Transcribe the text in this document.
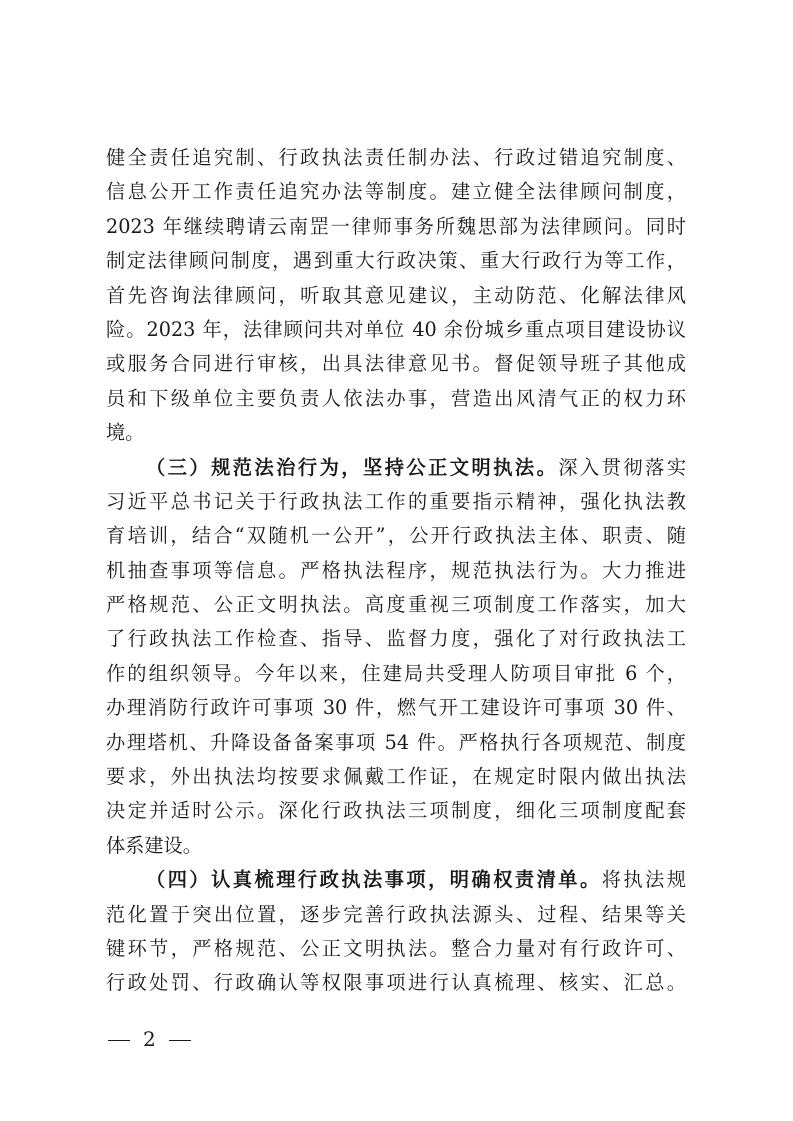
健全责任追究制、行政执法责任制办法、行政过错追究制度、
信息公开工作责任追究办法等制度。建立健全法律顾问制度，
2023 年继续聘请云南罡一律师事务所魏思部为法律顾问。同时
制定法律顾问制度，遇到重大行政决策、重大行政行为等工作，
首先咨询法律顾问，听取其意见建议，主动防范、化解法律风
险。2023 年，法律顾问共对单位 40 余份城乡重点项目建设协议
或服务合同进行审核，出具法律意见书。督促领导班子其他成
员和下级单位主要负责人依法办事，营造出风清气正的权力环
境。
（三）规范法治行为，坚持公正文明执法。深入贯彻落实
习近平总书记关于行政执法工作的重要指示精神，强化执法教
育培训，结合“双随机一公开”，公开行政执法主体、职责、随
机抽查事项等信息。严格执法程序，规范执法行为。大力推进
严格规范、公正文明执法。高度重视三项制度工作落实，加大
了行政执法工作检查、指导、监督力度，强化了对行政执法工
作的组织领导。今年以来，住建局共受理人防项目审批 6 个，
办理消防行政许可事项 30 件，燃气开工建设许可事项 30 件、
办理塔机、升降设备备案事项 54 件。严格执行各项规范、制度
要求，外出执法均按要求佩戴工作证，在规定时限内做出执法
决定并适时公示。深化行政执法三项制度，细化三项制度配套
体系建设。
（四）认真梳理行政执法事项，明确权责清单。将执法规
范化置于突出位置，逐步完善行政执法源头、过程、结果等关
键环节，严格规范、公正文明执法。整合力量对有行政许可、
行政处罚、行政确认等权限事项进行认真梳理、核实、汇总。
2
